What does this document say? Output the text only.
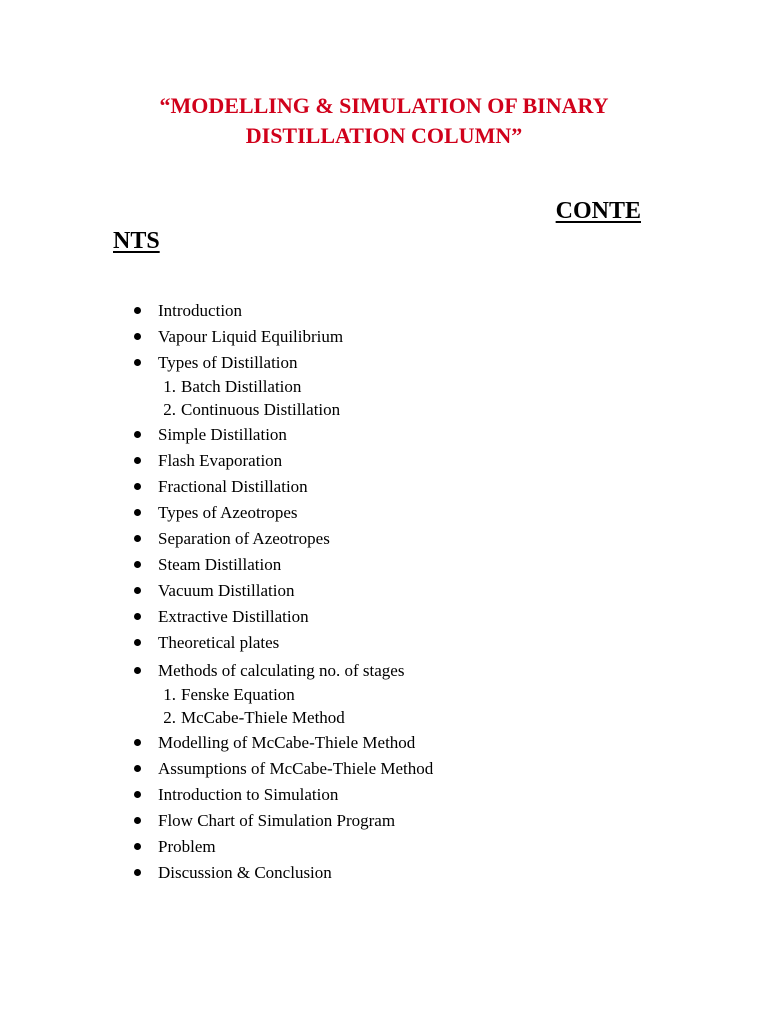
“MODELLING & SIMULATION OF BINARY
DISTILLATION COLUMN”
CONTE
NTS
Introduction
Vapour Liquid Equilibrium
Types of Distillation
1. Batch Distillation
2. Continuous Distillation
Simple Distillation
Flash Evaporation
Fractional Distillation
Types of Azeotropes
Separation of Azeotropes
Steam Distillation
Vacuum Distillation
Extractive Distillation
Theoretical plates
Methods of calculating no. of stages
1. Fenske Equation
2. McCabe-Thiele Method
Modelling of McCabe-Thiele Method
Assumptions of McCabe-Thiele Method
Introduction to Simulation
Flow Chart of Simulation Program
Problem
Discussion & Conclusion
